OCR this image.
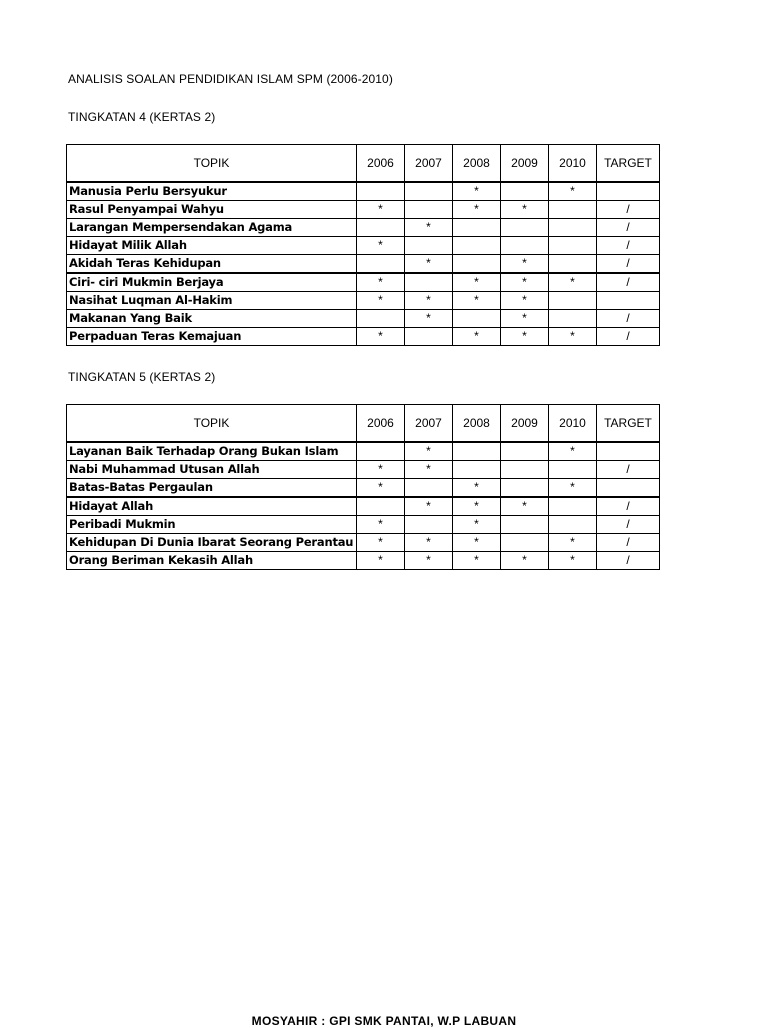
ANALISIS SOALAN PENDIDIKAN ISLAM SPM (2006-2010)
TINGKATAN 4 (KERTAS 2)
TOPIK	2006	2007	2008	2009	2010	TARGET
Manusia Perlu Bersyukur			*		*	
Rasul Penyampai Wahyu	*		*	*		/
Larangan Mempersendakan Agama		*				/
Hidayat Milik Allah	*					/
Akidah Teras Kehidupan		*		*		/
Ciri- ciri Mukmin Berjaya	*		*	*	*	/
Nasihat Luqman Al-Hakim	*	*	*	*		
Makanan Yang Baik		*		*		/
Perpaduan Teras Kemajuan	*		*	*	*	/
TINGKATAN 5 (KERTAS 2)
TOPIK	2006	2007	2008	2009	2010	TARGET
Layanan Baik Terhadap Orang Bukan Islam		*			*	
Nabi Muhammad Utusan Allah	*	*				/
Batas-Batas Pergaulan	*		*		*	
Hidayat Allah		*	*	*		/
Peribadi Mukmin	*		*			/
Kehidupan Di Dunia Ibarat Seorang Perantau	*	*	*		*	/
Orang Beriman Kekasih Allah	*	*	*	*	*	/
MOSYAHIR : GPI SMK PANTAI, W.P LABUAN
